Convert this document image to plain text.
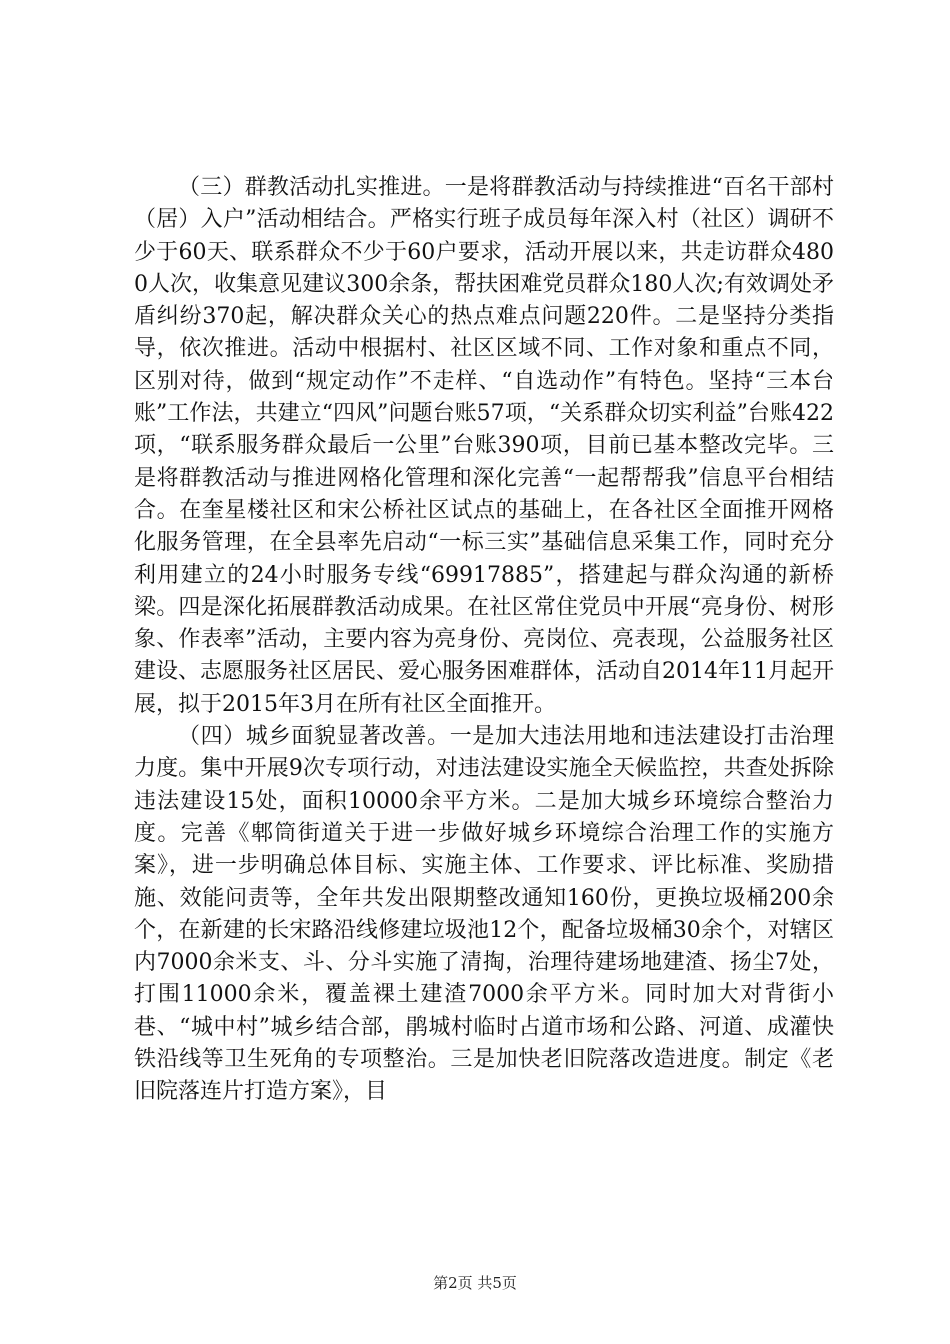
（三）群教活动扎实推进。一是将群教活动与持续推进“百名干部村（居）入户”活动相结合。严格实行班子成员每年深入村（社区）调研不少于60天、联系群众不少于60户要求，活动开展以来，共走访群众4800人次，收集意见建议300余条，帮扶困难党员群众180人次;有效调处矛盾纠纷370起，解决群众关心的热点难点问题220件。二是坚持分类指导，依次推进。活动中根据村、社区区域不同、工作对象和重点不同，区别对待，做到“规定动作”不走样、“自选动作”有特色。坚持“三本台账”工作法，共建立“四风”问题台账57项，“关系群众切实利益”台账422项，“联系服务群众最后一公里”台账390项，目前已基本整改完毕。三是将群教活动与推进网格化管理和深化完善“一起帮帮我”信息平台相结合。在奎星楼社区和宋公桥社区试点的基础上，在各社区全面推开网格化服务管理，在全县率先启动“一标三实”基础信息采集工作，同时充分利用建立的24小时服务专线“69917885”，搭建起与群众沟通的新桥梁。四是深化拓展群教活动成果。在社区常住党员中开展“亮身份、树形象、作表率”活动，主要内容为亮身份、亮岗位、亮表现，公益服务社区建设、志愿服务社区居民、爱心服务困难群体，活动自2014年11月起开展，拟于2015年3月在所有社区全面推开。

（四）城乡面貌显著改善。一是加大违法用地和违法建设打击治理力度。集中开展9次专项行动，对违法建设实施全天候监控，共查处拆除违法建设15处，面积10000余平方米。二是加大城乡环境综合整治力度。完善《郫筒街道关于进一步做好城乡环境综合治理工作的实施方案》，进一步明确总体目标、实施主体、工作要求、评比标准、奖励措施、效能问责等，全年共发出限期整改通知160份，更换垃圾桶200余个，在新建的长宋路沿线修建垃圾池12个，配备垃圾桶30余个，对辖区内7000余米支、斗、分斗实施了清掏，治理待建场地建渣、扬尘7处，打围11000余米，覆盖裸土建渣7000余平方米。同时加大对背街小巷、“城中村”城乡结合部，鹃城村临时占道市场和公路、河道、成灌快铁沿线等卫生死角的专项整治。三是加快老旧院落改造进度。制定《老旧院落连片打造方案》，目

第2页 共5页
